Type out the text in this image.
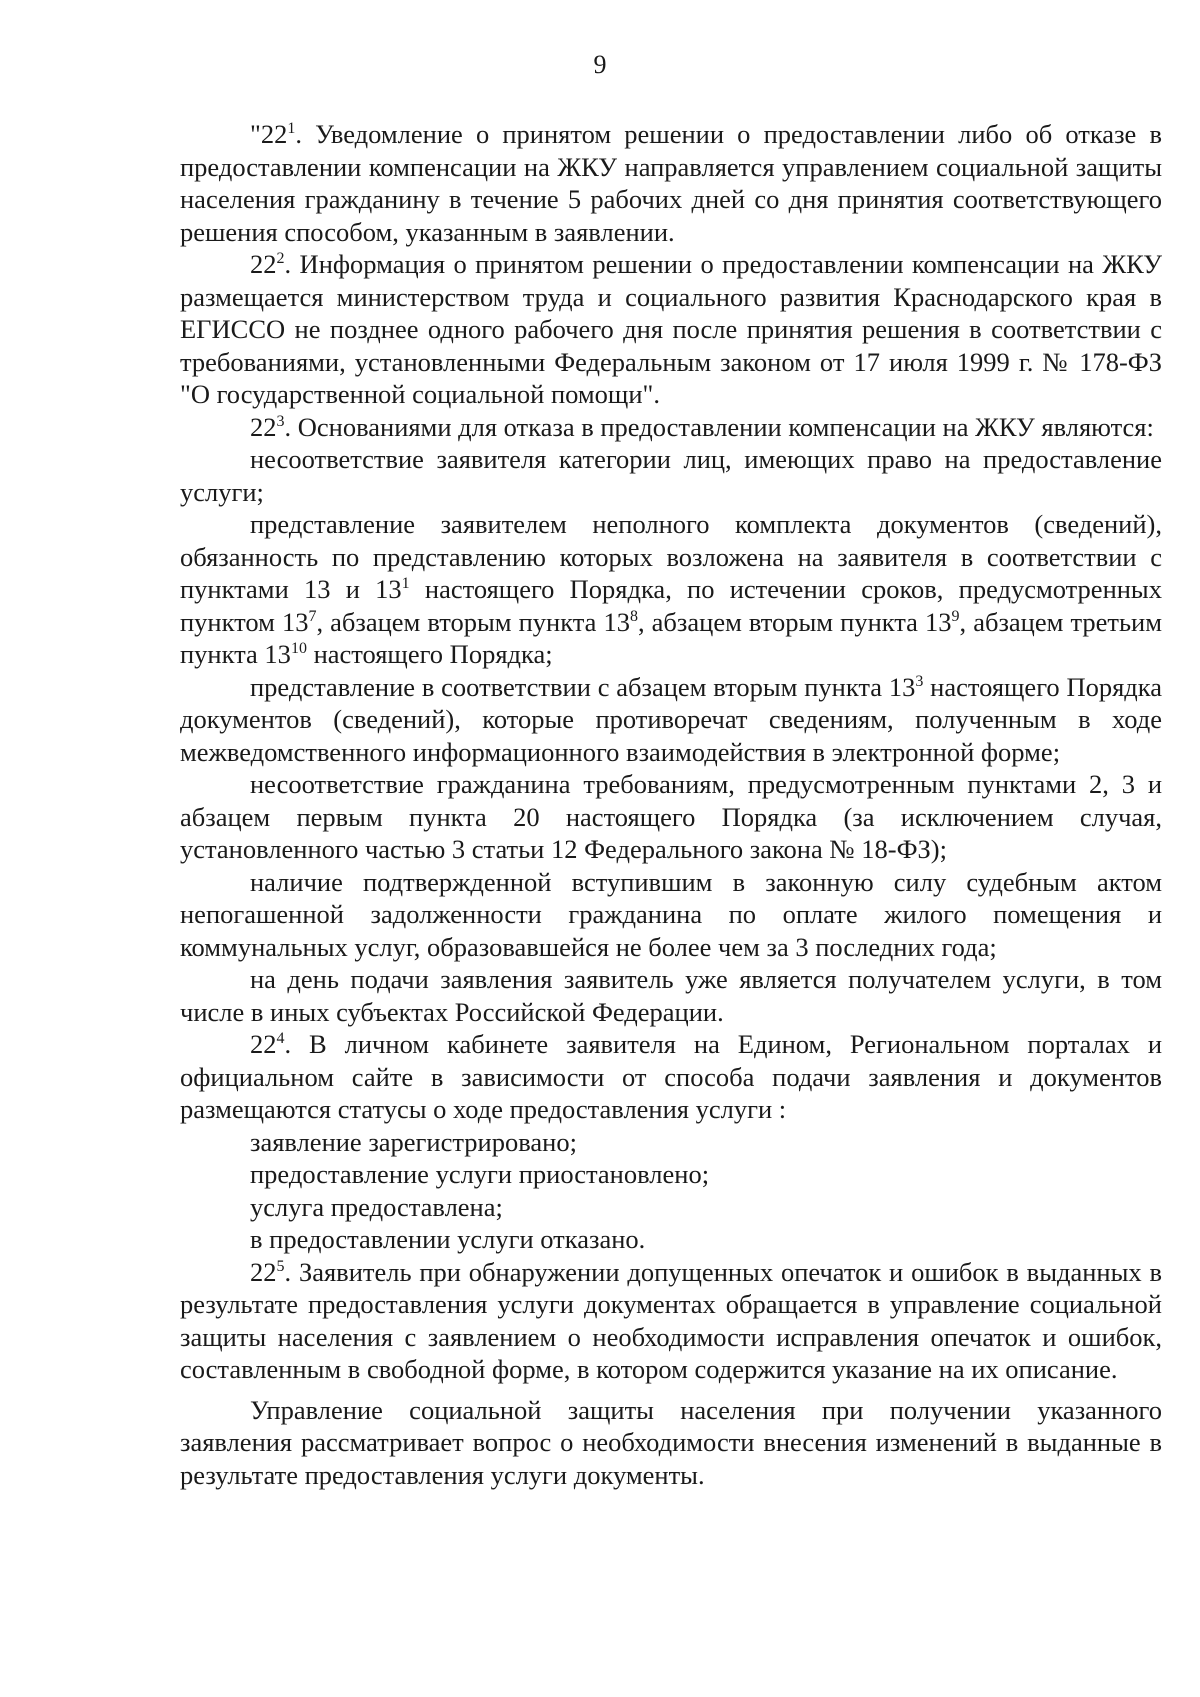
9

"$22^1$. Уведомление о принятом решении о предоставлении либо об отказе в предоставлении компенсации на ЖКУ направляется управлением социальной защиты населения гражданину в течение 5 рабочих дней со дня принятия соответствующего решения способом, указанным в заявлении.

$22^2$. Информация о принятом решении о предоставлении компенсации на ЖКУ размещается министерством труда и социального развития Краснодарского края в ЕГИССО не позднее одного рабочего дня после принятия решения в соответствии с требованиями, установленными Федеральным законом от 17 июля 1999 г. № 178-ФЗ "О государственной социальной помощи".

$22^3$. Основаниями для отказа в предоставлении компенсации на ЖКУ являются:

несоответствие заявителя категории лиц, имеющих право на предоставление услуги;

представление заявителем неполного комплекта документов (сведений), обязанность по представлению которых возложена на заявителя в соответствии с пунктами 13 и $13^1$ настоящего Порядка, по истечении сроков, предусмотренных пунктом $13^7$, абзацем вторым пункта $13^8$, абзацем вторым пункта $13^9$, абзацем третьим пункта $13^{10}$ настоящего Порядка;

представление в соответствии с абзацем вторым пункта $13^3$ настоящего Порядка документов (сведений), которые противоречат сведениям, полученным в ходе межведомственного информационного взаимодействия в электронной форме;

несоответствие гражданина требованиям, предусмотренным пунктами 2, 3 и абзацем первым пункта 20 настоящего Порядка (за исключением случая, установленного частью 3 статьи 12 Федерального закона № 18-ФЗ);

наличие подтвержденной вступившим в законную силу судебным актом непогашенной задолженности гражданина по оплате жилого помещения и коммунальных услуг, образовавшейся не более чем за 3 последних года;

на день подачи заявления заявитель уже является получателем услуги, в том числе в иных субъектах Российской Федерации.

$22^4$. В личном кабинете заявителя на Едином, Региональном порталах и официальном сайте в зависимости от способа подачи заявления и документов размещаются статусы о ходе предоставления услуги :

заявление зарегистрировано;

предоставление услуги приостановлено;

услуга предоставлена;

в предоставлении услуги отказано.

$22^5$. Заявитель при обнаружении допущенных опечаток и ошибок в выданных в результате предоставления услуги документах обращается в управление социальной защиты населения с заявлением о необходимости исправления опечаток и ошибок, составленным в свободной форме, в котором содержится указание на их описание.

Управление социальной защиты населения при получении указанного заявления рассматривает вопрос о необходимости внесения изменений в выданные в результате предоставления услуги документы.
